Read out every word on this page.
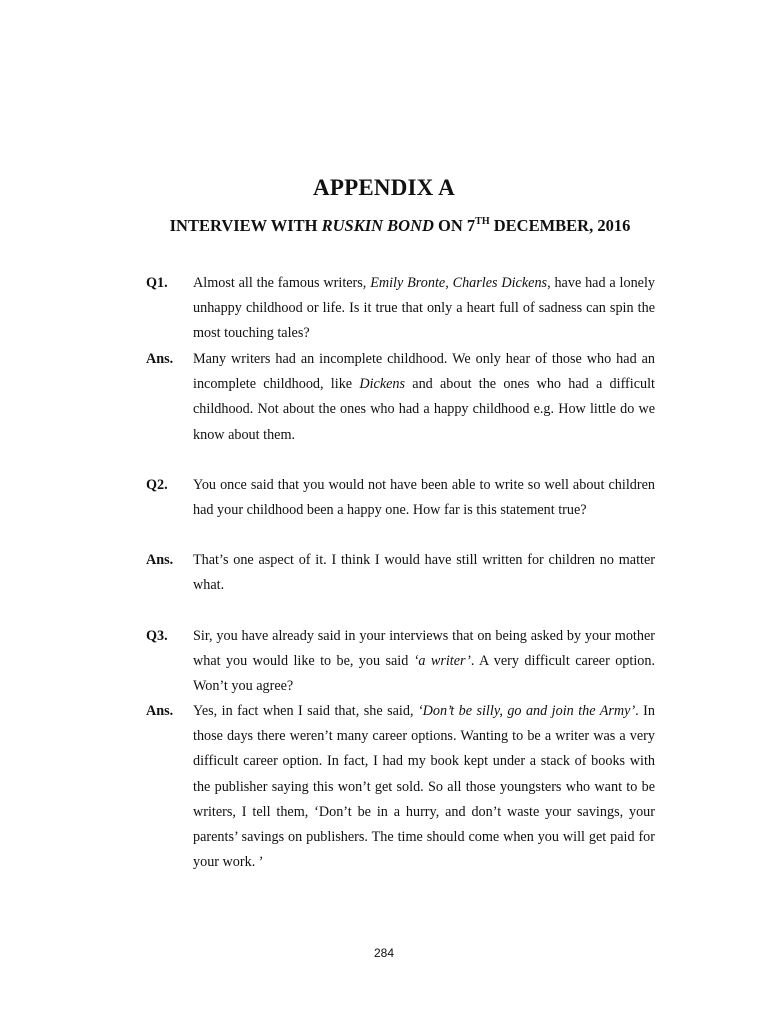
APPENDIX A
INTERVIEW WITH RUSKIN BOND ON 7TH DECEMBER, 2016
Q1.	Almost all the famous writers, Emily Bronte, Charles Dickens, have had a lonely unhappy childhood or life. Is it true that only a heart full of sadness can spin the most touching tales?
Ans.	Many writers had an incomplete childhood. We only hear of those who had an incomplete childhood, like Dickens and about the ones who had a difficult childhood. Not about the ones who had a happy childhood e.g. How little do we know about them.
Q2.	You once said that you would not have been able to write so well about children had your childhood been a happy one. How far is this statement true?
Ans.	That’s one aspect of it. I think I would have still written for children no matter what.
Q3.	Sir, you have already said in your interviews that on being asked by your mother what you would like to be, you said ‘a writer’. A very difficult career option. Won’t you agree?
Ans.	Yes, in fact when I said that, she said, ‘Don’t be silly, go and join the Army’. In those days there weren’t many career options. Wanting to be a writer was a very difficult career option. In fact, I had my book kept under a stack of books with the publisher saying this won’t get sold. So all those youngsters who want to be writers, I tell them, ‘Don’t be in a hurry, and don’t waste your savings, your parents’ savings on publishers. The time should come when you will get paid for your work. ’
284
